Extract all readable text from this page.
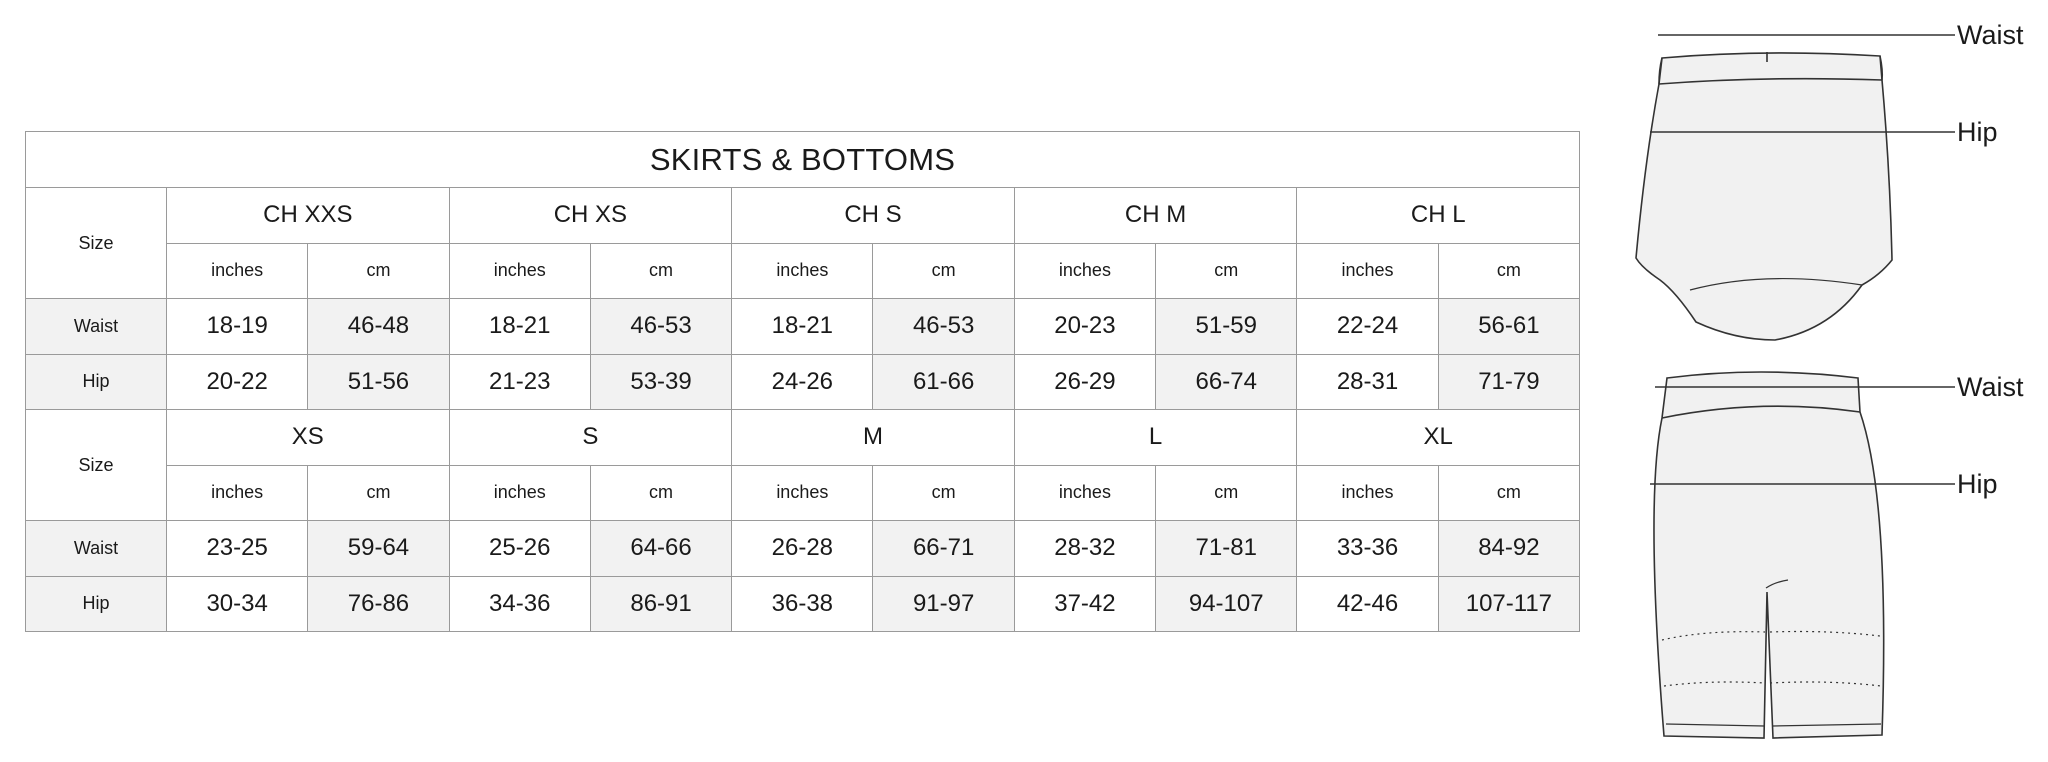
SKIRTS & BOTTOMS										
Size	CH XXS		CH XS		CH S		CH M		CH L	
	inches	cm	inches	cm	inches	cm	inches	cm	inches	cm
Waist	18-19	46-48	18-21	46-53	18-21	46-53	20-23	51-59	22-24	56-61
Hip	20-22	51-56	21-23	53-39	24-26	61-66	26-29	66-74	28-31	71-79
Size	XS		S		M		L		XL	
	inches	cm	inches	cm	inches	cm	inches	cm	inches	cm
Waist	23-25	59-64	25-26	64-66	26-28	66-71	28-32	71-81	33-36	84-92
Hip	30-34	76-86	34-36	86-91	36-38	91-97	37-42	94-107	42-46	107-117
Waist
Hip
Waist
Hip
